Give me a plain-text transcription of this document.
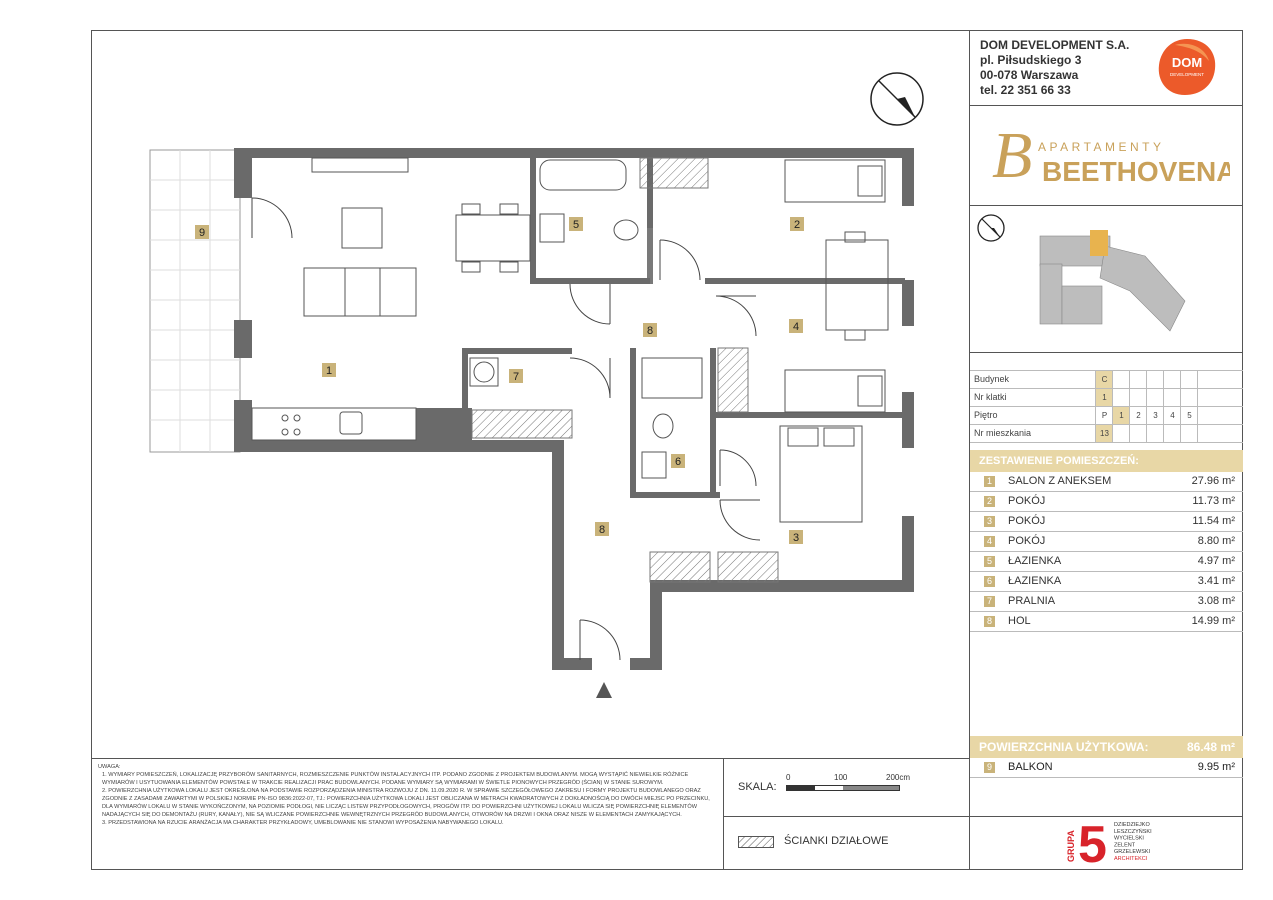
DOM DEVELOPMENT S.A.
pl. Piłsudskiego 3
00-078 Warszawa
tel. 22 351 66 33
DOM
DEVELOPMENT
B APARTAMENTY
BEETHOVENA
Budynek	C
Nr klatki	1
Piętro	P	1	2	3	4	5
Nr mieszkania	13
ZESTAWIENIE POMIESZCZEŃ:
1 SALON Z ANEKSEM	27.96 m²
2 POKÓJ	11.73 m²
3 POKÓJ	11.54 m²
4 POKÓJ	8.80 m²
5 ŁAZIENKA	4.97 m²
6 ŁAZIENKA	3.41 m²
7 PRALNIA	3.08 m²
8 HOL	14.99 m²
POWIERZCHNIA UŻYTKOWA:	86.48 m²
9 BALKON	9.95 m²
GRUPA 5 DZIEDZIEJKO
LESZCZYŃSKI
WYCIELSKI
ZELENT
GRZELEWSKI
ARCHITEKCI

UWAGA:

1. WYMIARY POMIESZCZEŃ, LOKALIZACJĘ PRZYBORÓW SANITARNYCH, ROZMIESZCZENIE PUNKTÓW INSTALACYJNYCH ITP. PODANO ZGODNIE Z PROJEKTEM BUDOWLANYM. MOGĄ WYSTĄPIĆ NIEWIELKIE RÓŻNICE WYMIARÓW I USYTUOWANIA ELEMENTÓW POWSTAŁE W TRAKCIE REALIZACJI PRAC BUDOWLANYCH. PODANE WYMIARY SĄ WYMIARAMI W ŚWIETLE PIONOWYCH PRZEGRÓD (ŚCIAN) W STANIE SUROWYM.

2. POWIERZCHNIA UŻYTKOWA LOKALU JEST OKREŚLONA NA PODSTAWIE ROZPORZĄDZENIA MINISTRA ROZWOJU Z DN. 11.09.2020 R. W SPRAWIE SZCZEGÓŁOWEGO ZAKRESU I FORMY PROJEKTU BUDOWLANEGO ORAZ ZGODNIE Z ZASADAMI ZAWARTYMI W POLSKIEJ NORMIE PN-ISO 9836:2022-07, TJ.: POWIERZCHNIA UŻYTKOWA LOKALI JEST OBLICZANA W METRACH KWADRATOWYCH Z DOKŁADNOŚCIĄ DO DWÓCH MIEJSC PO PRZECINKU, DLA WYMIARÓW LOKALU W STANIE WYKOŃCZONYM, NA POZIOMIE PODŁOGI, NIE LICZĄC LISTEW PRZYPODŁOGOWYCH, PROGÓW ITP. DO POWIERZCHNI UŻYTKOWEJ LOKALU WLICZA SIĘ POWIERZCHNIĘ ELEMENTÓW NADAJĄCYCH SIĘ DO DEMONTAŻU (RURY, KANAŁY), NIE SĄ WLICZANE POWIERZCHNIE WEWNĘTRZNYCH PRZEGRÓD BUDOWLANYCH, OTWORÓW NA DRZWI I OKNA ORAZ NISZE W ELEMENTACH ZAMYKAJĄCYCH.

3. PRZEDSTAWIONA NA RZUCIE ARANŻACJA MA CHARAKTER PRZYKŁADOWY, UMEBLOWANIE NIE STANOWI WYPOSAŻENIA NABYWANEGO LOKALU.

SKALA:
0	100	200cm
ŚCIANKI DZIAŁOWE
1
2
3
4
5
6
7
8
8
9
